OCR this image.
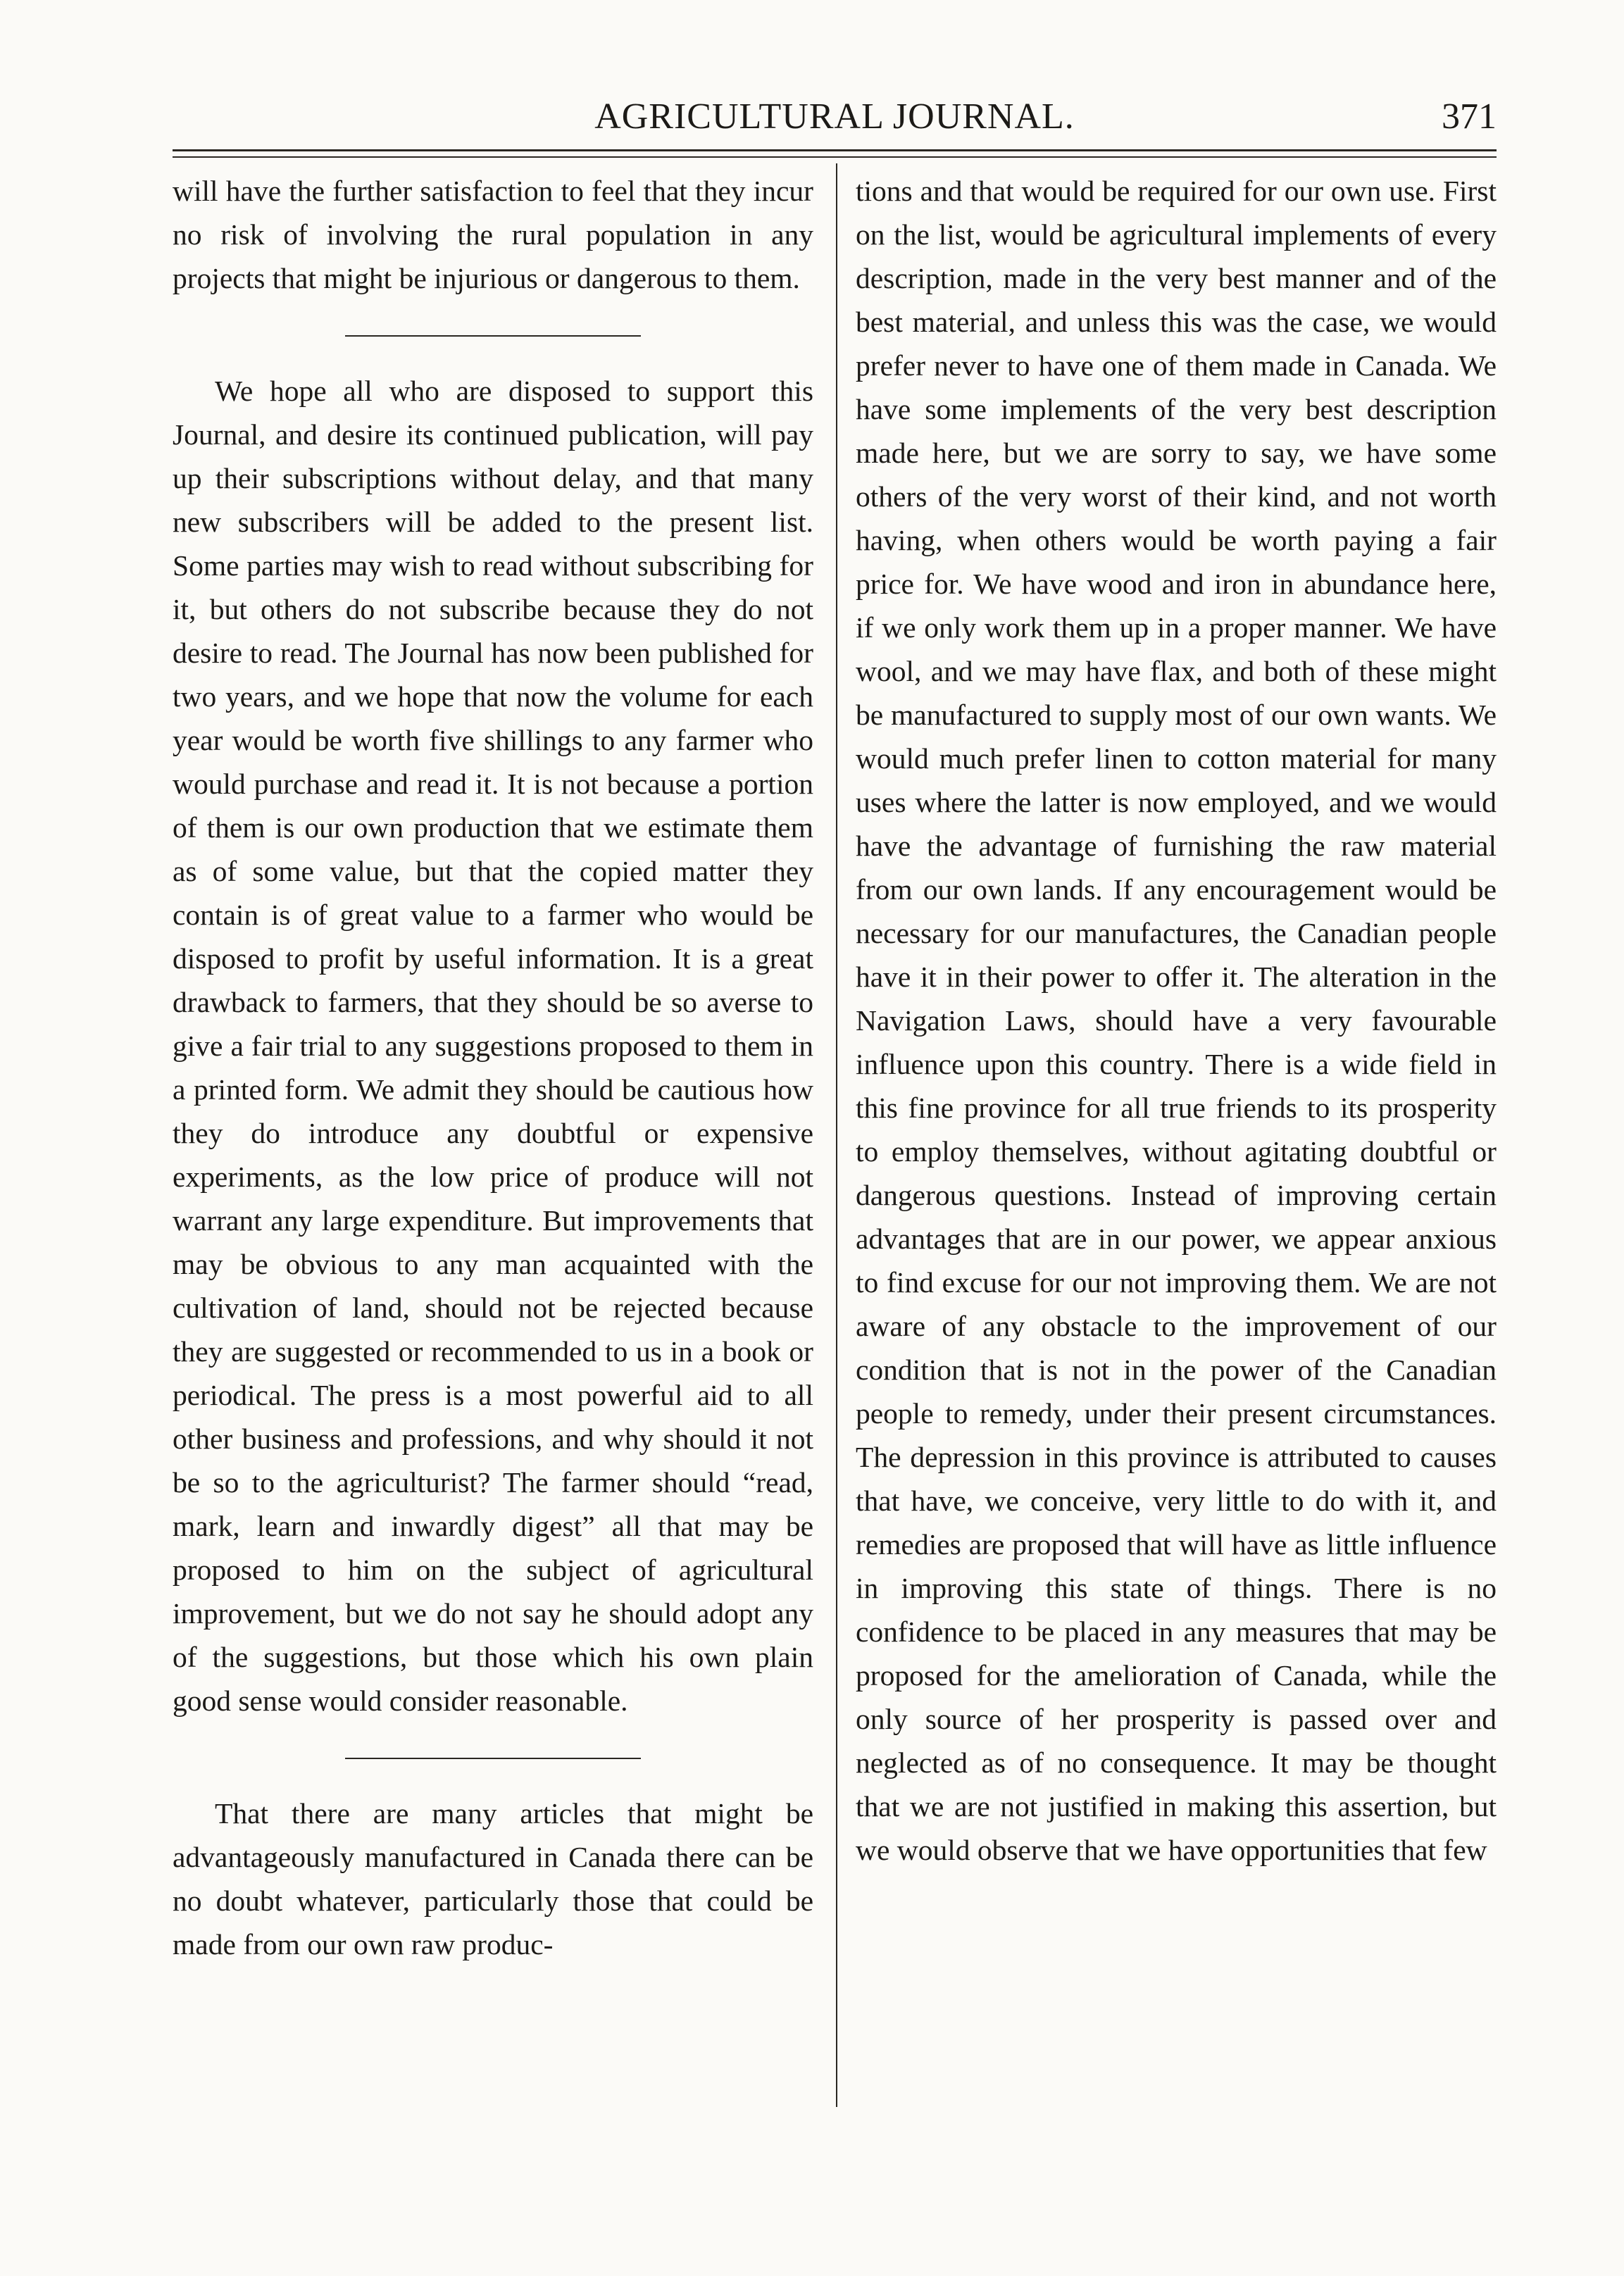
AGRICULTURAL JOURNAL.	371

will have the further satisfaction to feel that they incur no risk of involving the rural population in any projects that might be injurious or dangerous to them.

We hope all who are disposed to support this Journal, and desire its continued publication, will pay up their subscriptions without delay, and that many new subscribers will be added to the present list. Some parties may wish to read without subscribing for it, but others do not subscribe because they do not desire to read. The Journal has now been published for two years, and we hope that now the volume for each year would be worth five shillings to any farmer who would purchase and read it. It is not because a portion of them is our own production that we estimate them as of some value, but that the copied matter they contain is of great value to a farmer who would be disposed to profit by useful information. It is a great drawback to farmers, that they should be so averse to give a fair trial to any suggestions proposed to them in a printed form. We admit they should be cautious how they do introduce any doubtful or expensive experiments, as the low price of produce will not warrant any large expenditure. But improvements that may be obvious to any man acquainted with the cultivation of land, should not be rejected because they are suggested or recommended to us in a book or periodical. The press is a most powerful aid to all other business and professions, and why should it not be so to the agriculturist? The farmer should “read, mark, learn and inwardly digest” all that may be proposed to him on the subject of agricultural improvement, but we do not say he should adopt any of the suggestions, but those which his own plain good sense would consider reasonable.

That there are many articles that might be advantageously manufactured in Canada there can be no doubt whatever, particularly those that could be made from our own raw produc-

tions and that would be required for our own use. First on the list, would be agricultural implements of every description, made in the very best manner and of the best material, and unless this was the case, we would prefer never to have one of them made in Canada. We have some implements of the very best description made here, but we are sorry to say, we have some others of the very worst of their kind, and not worth having, when others would be worth paying a fair price for. We have wood and iron in abundance here, if we only work them up in a proper manner. We have wool, and we may have flax, and both of these might be manufactured to supply most of our own wants. We would much prefer linen to cotton material for many uses where the latter is now employed, and we would have the advantage of furnishing the raw material from our own lands. If any encouragement would be necessary for our manufactures, the Canadian people have it in their power to offer it. The alteration in the Navigation Laws, should have a very favourable influence upon this country. There is a wide field in this fine province for all true friends to its prosperity to employ themselves, without agitating doubtful or dangerous questions. Instead of improving certain advantages that are in our power, we appear anxious to find excuse for our not improving them. We are not aware of any obstacle to the improvement of our condition that is not in the power of the Canadian people to remedy, under their present circumstances. The depression in this province is attributed to causes that have, we conceive, very little to do with it, and remedies are proposed that will have as little influence in improving this state of things. There is no confidence to be placed in any measures that may be proposed for the amelioration of Canada, while the only source of her prosperity is passed over and neglected as of no consequence. It may be thought that we are not justified in making this assertion, but we would observe that we have opportunities that few
